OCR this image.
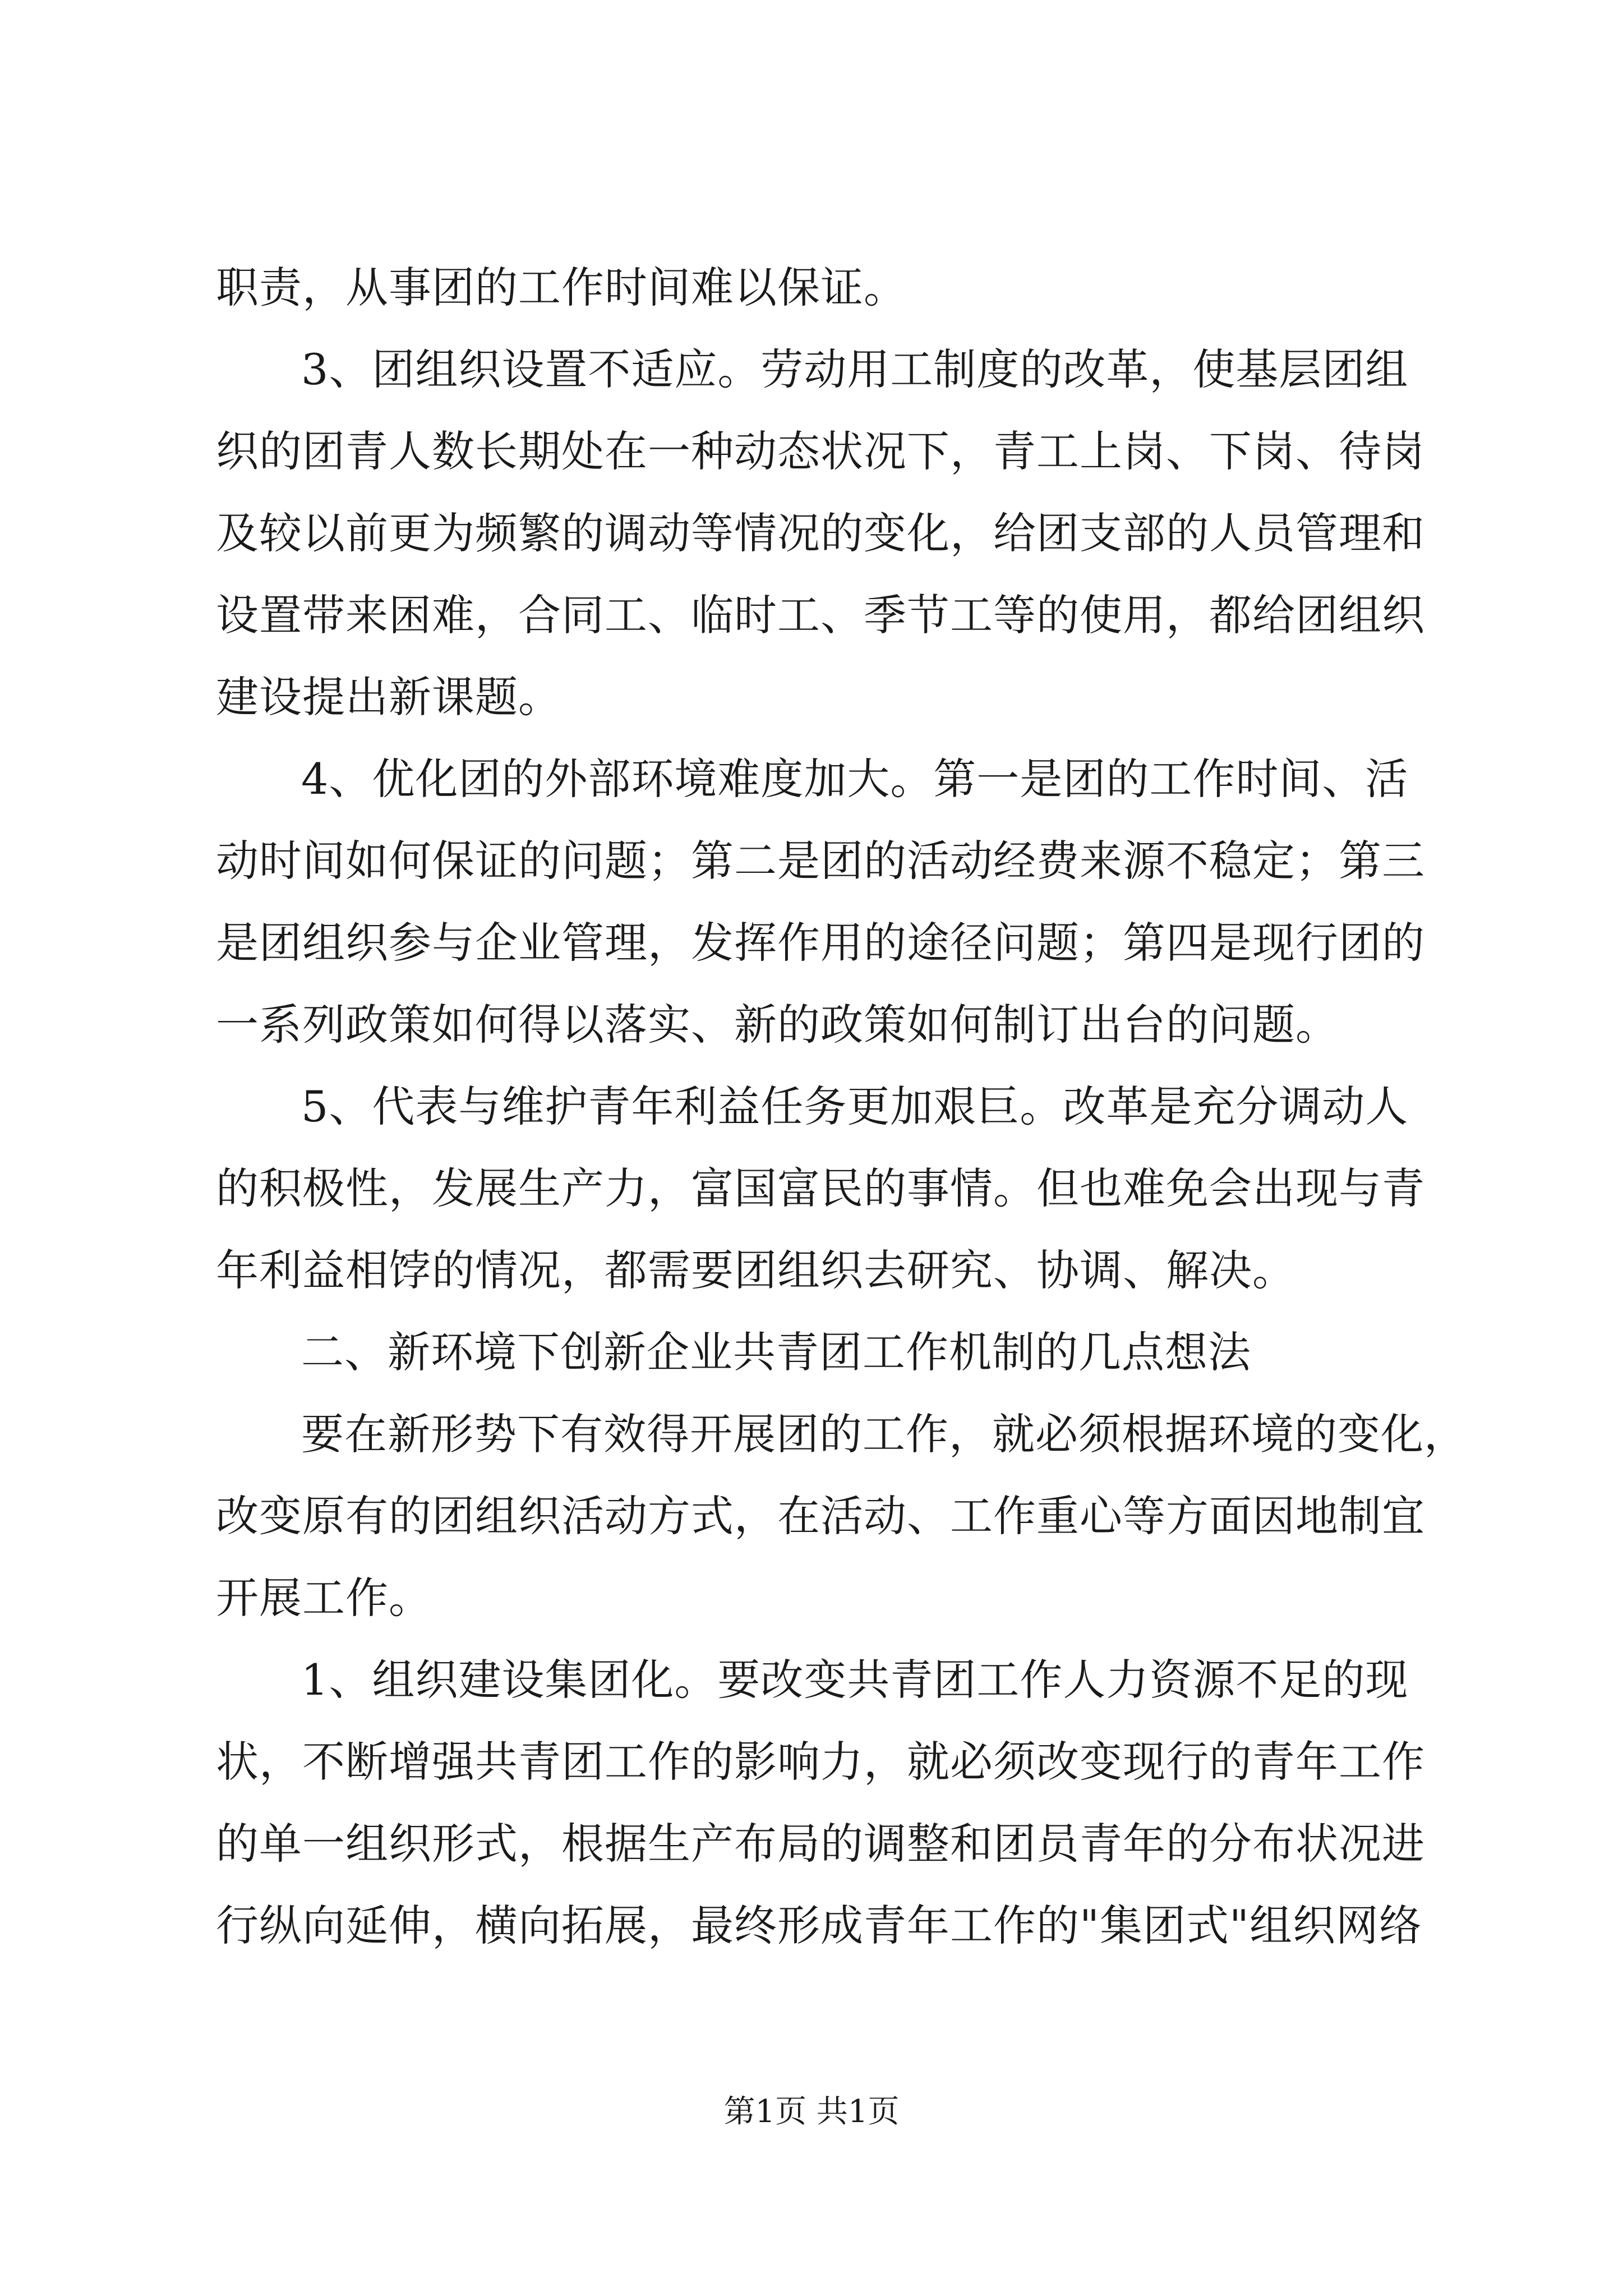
职责，从事团的工作时间难以保证。
3、团组织设置不适应。劳动用工制度的改革，使基层团组
织的团青人数长期处在一种动态状况下，青工上岗、下岗、待岗
及较以前更为频繁的调动等情况的变化，给团支部的人员管理和
设置带来困难，合同工、临时工、季节工等的使用，都给团组织
建设提出新课题。
4、优化团的外部环境难度加大。第一是团的工作时间、活
动时间如何保证的问题；第二是团的活动经费来源不稳定；第三
是团组织参与企业管理，发挥作用的途径问题；第四是现行团的
一系列政策如何得以落实、新的政策如何制订出台的问题。
5、代表与维护青年利益任务更加艰巨。改革是充分调动人
的积极性，发展生产力，富国富民的事情。但也难免会出现与青
年利益相饽的情况，都需要团组织去研究、协调、解决。
二、新环境下创新企业共青团工作机制的几点想法
要在新形势下有效得开展团的工作，就必须根据环境的变化，
改变原有的团组织活动方式，在活动、工作重心等方面因地制宜
开展工作。
1、组织建设集团化。要改变共青团工作人力资源不足的现
状，不断增强共青团工作的影响力，就必须改变现行的青年工作
的单一组织形式，根据生产布局的调整和团员青年的分布状况进
行纵向延伸，横向拓展，最终形成青年工作的"集团式"组织网络
第1页 共1页
